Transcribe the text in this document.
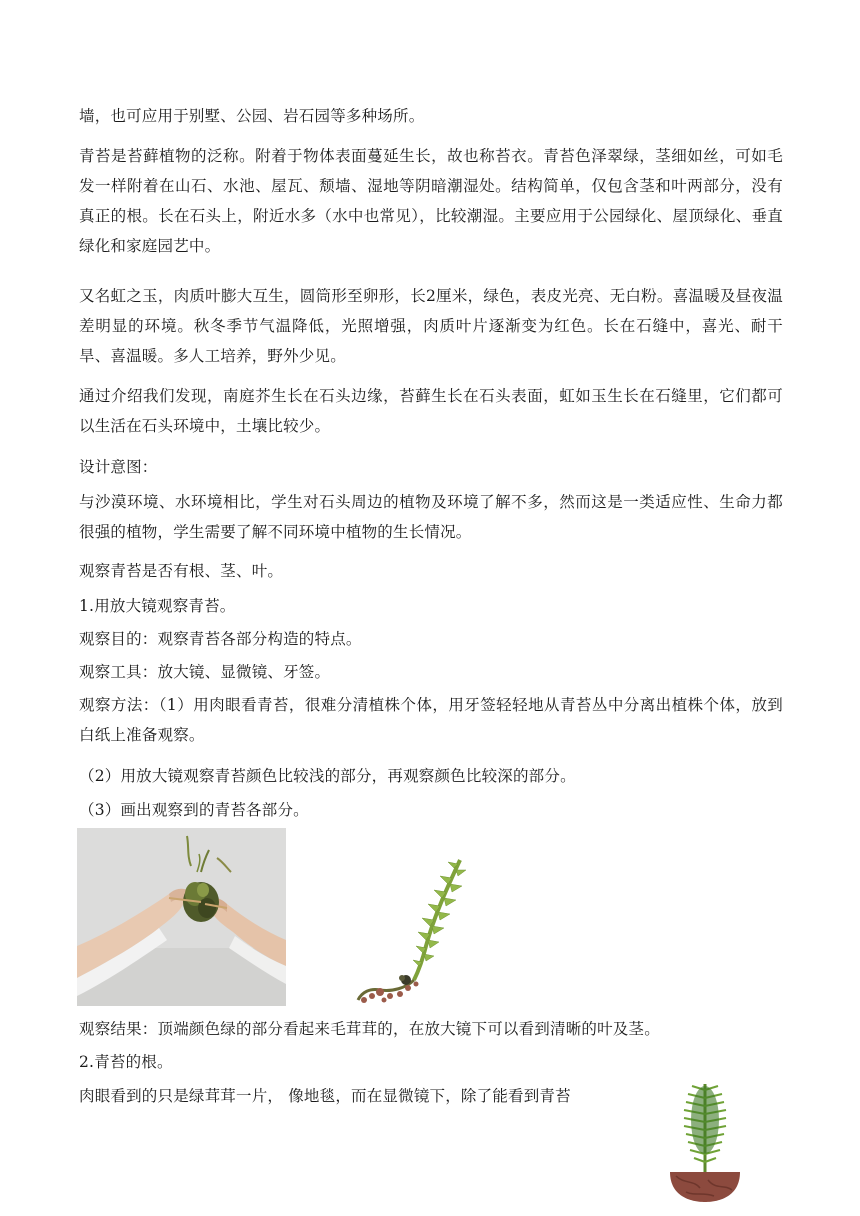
墙，也可应用于别墅、公园、岩石园等多种场所。

青苔是苔藓植物的泛称。附着于物体表面蔓延生长，故也称苔衣。青苔色泽翠绿，茎细如丝，可如毛发一样附着在山石、水池、屋瓦、颓墙、湿地等阴暗潮湿处。结构简单，仅包含茎和叶两部分，没有真正的根。长在石头上，附近水多（水中也常见），比较潮湿。主要应用于公园绿化、屋顶绿化、垂直绿化和家庭园艺中。

又名虹之玉，肉质叶膨大互生，圆筒形至卵形，长2厘米，绿色，表皮光亮、无白粉。喜温暖及昼夜温差明显的环境。秋冬季节气温降低，光照增强，肉质叶片逐渐变为红色。长在石缝中，喜光、耐干旱、喜温暖。多人工培养，野外少见。

通过介绍我们发现，南庭芥生长在石头边缘，苔藓生长在石头表面，虹如玉生长在石缝里，它们都可以生活在石头环境中，土壤比较少。

设计意图：

与沙漠环境、水环境相比，学生对石头周边的植物及环境了解不多，然而这是一类适应性、生命力都很强的植物，学生需要了解不同环境中植物的生长情况。

观察青苔是否有根、茎、叶。

1.用放大镜观察青苔。

观察目的：观察青苔各部分构造的特点。

观察工具：放大镜、显微镜、牙签。

观察方法：（1）用肉眼看青苔，很难分清植株个体，用牙签轻轻地从青苔丛中分离出植株个体，放到白纸上准备观察。

（2）用放大镜观察青苔颜色比较浅的部分，再观察颜色比较深的部分。

（3）画出观察到的青苔各部分。

观察结果：顶端颜色绿的部分看起来毛茸茸的，在放大镜下可以看到清晰的叶及茎。

2.青苔的根。

肉眼看到的只是绿茸茸一片， 像地毯，而在显微镜下，除了能看到青苔
